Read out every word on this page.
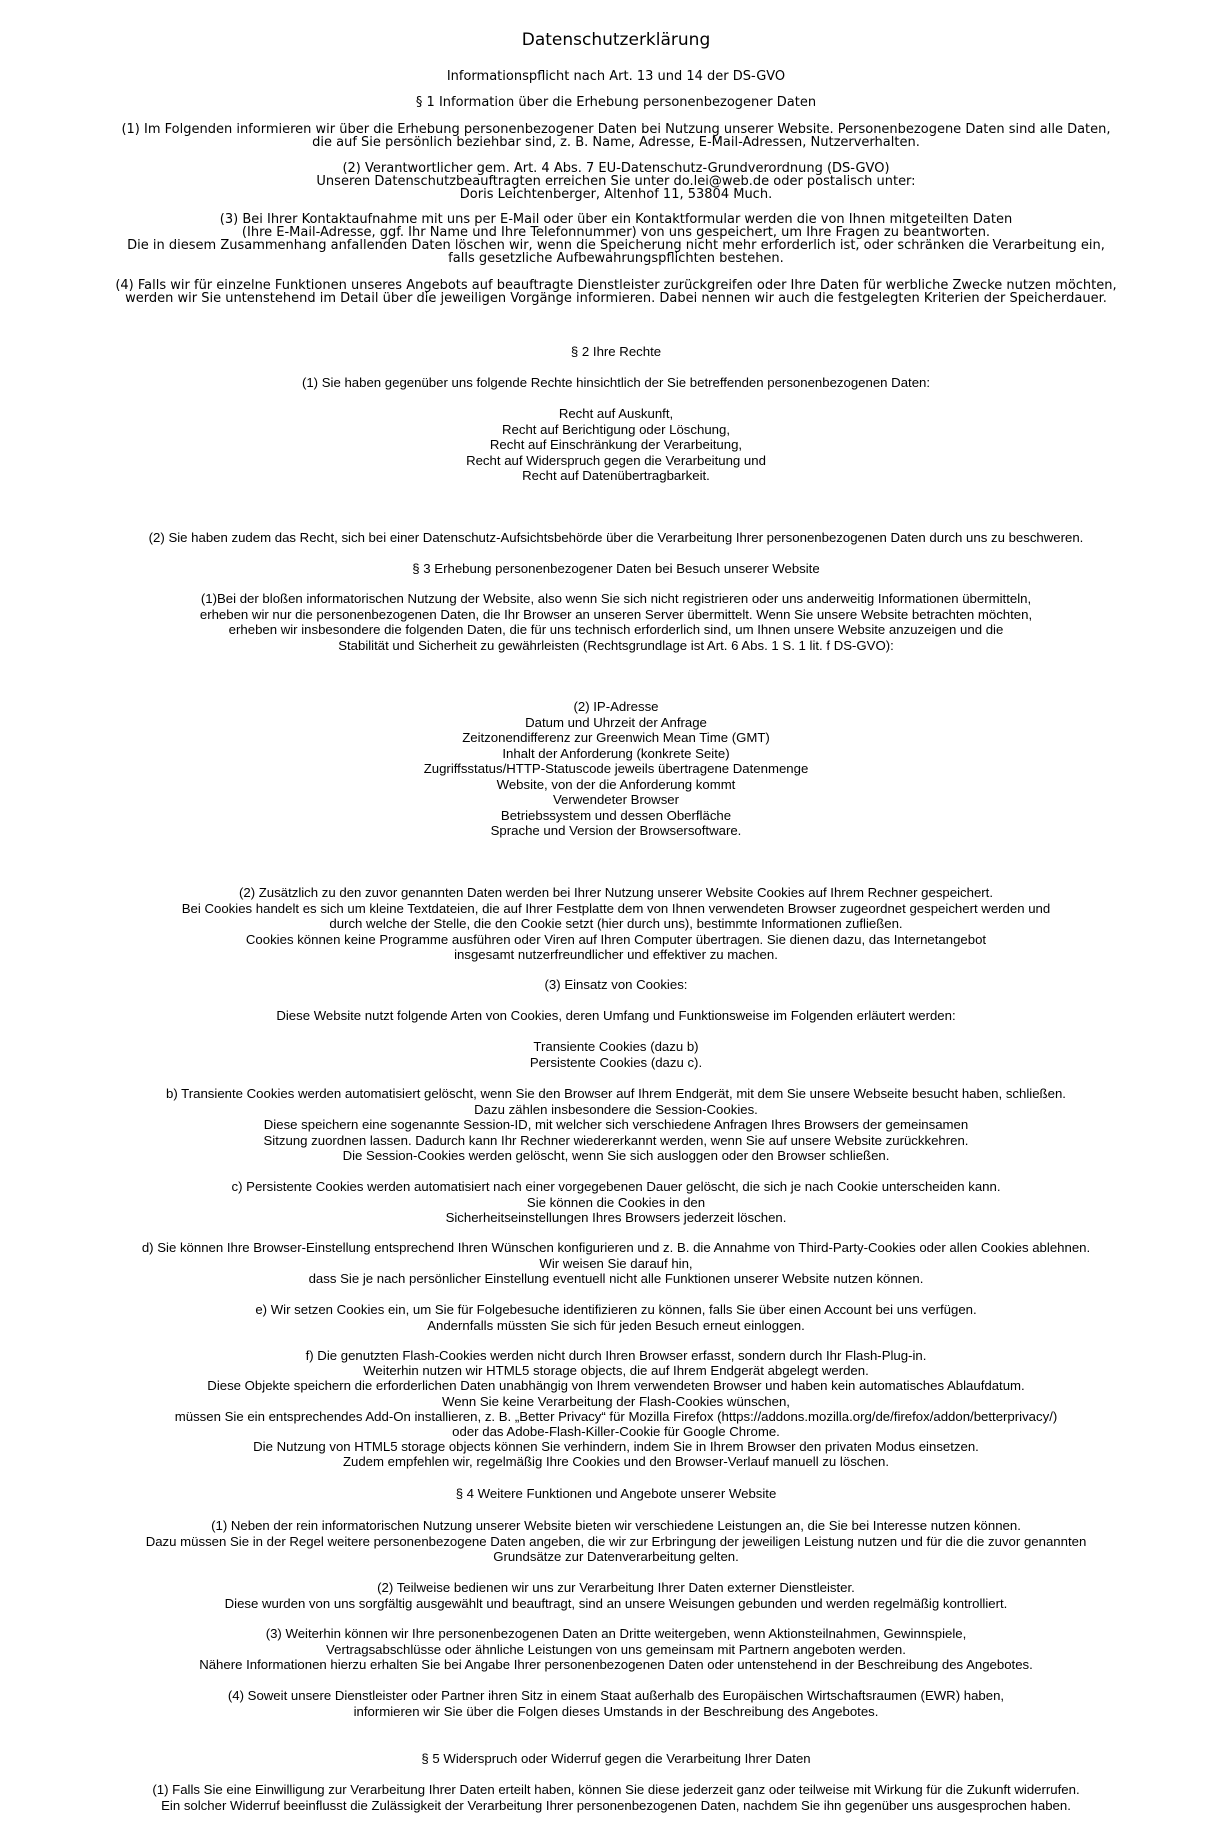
Datenschutzerklärung
Informationspflicht nach Art. 13 und 14 der DS-GVO
§ 1 Information über die Erhebung personenbezogener Daten
(1) Im Folgenden informieren wir über die Erhebung personenbezogener Daten bei Nutzung unserer Website. Personenbezogene Daten sind alle Daten,
die auf Sie persönlich beziehbar sind, z. B. Name, Adresse, E-Mail-Adressen, Nutzerverhalten.
(2) Verantwortlicher gem. Art. 4 Abs. 7 EU-Datenschutz-Grundverordnung (DS-GVO)
Unseren Datenschutzbeauftragten erreichen Sie unter do.lei@web.de oder postalisch unter:
Doris Leichtenberger, Altenhof 11, 53804 Much.
(3) Bei Ihrer Kontaktaufnahme mit uns per E-Mail oder über ein Kontaktformular werden die von Ihnen mitgeteilten Daten
(Ihre E-Mail-Adresse, ggf. Ihr Name und Ihre Telefonnummer) von uns gespeichert, um Ihre Fragen zu beantworten.
Die in diesem Zusammenhang anfallenden Daten löschen wir, wenn die Speicherung nicht mehr erforderlich ist, oder schränken die Verarbeitung ein,
falls gesetzliche Aufbewahrungspflichten bestehen.
(4) Falls wir für einzelne Funktionen unseres Angebots auf beauftragte Dienstleister zurückgreifen oder Ihre Daten für werbliche Zwecke nutzen möchten,
werden wir Sie untenstehend im Detail über die jeweiligen Vorgänge informieren. Dabei nennen wir auch die festgelegten Kriterien der Speicherdauer.
§ 2 Ihre Rechte
(1) Sie haben gegenüber uns folgende Rechte hinsichtlich der Sie betreffenden personenbezogenen Daten:
Recht auf Auskunft,
Recht auf Berichtigung oder Löschung,
Recht auf Einschränkung der Verarbeitung,
Recht auf Widerspruch gegen die Verarbeitung und
Recht auf Datenübertragbarkeit.
(2) Sie haben zudem das Recht, sich bei einer Datenschutz-Aufsichtsbehörde über die Verarbeitung Ihrer personenbezogenen Daten durch uns zu beschweren.
§ 3 Erhebung personenbezogener Daten bei Besuch unserer Website
(1)Bei der bloßen informatorischen Nutzung der Website, also wenn Sie sich nicht registrieren oder uns anderweitig Informationen übermitteln,
erheben wir nur die personenbezogenen Daten, die Ihr Browser an unseren Server übermittelt. Wenn Sie unsere Website betrachten möchten,
erheben wir insbesondere die folgenden Daten, die für uns technisch erforderlich sind, um Ihnen unsere Website anzuzeigen und die
Stabilität und Sicherheit zu gewährleisten (Rechtsgrundlage ist Art. 6 Abs. 1 S. 1 lit. f DS-GVO):
(2) IP-Adresse
Datum und Uhrzeit der Anfrage
Zeitzonendifferenz zur Greenwich Mean Time (GMT)
Inhalt der Anforderung (konkrete Seite)
Zugriffsstatus/HTTP-Statuscode jeweils übertragene Datenmenge
Website, von der die Anforderung kommt
Verwendeter Browser
Betriebssystem und dessen Oberfläche
Sprache und Version der Browsersoftware.
(2) Zusätzlich zu den zuvor genannten Daten werden bei Ihrer Nutzung unserer Website Cookies auf Ihrem Rechner gespeichert.
Bei Cookies handelt es sich um kleine Textdateien, die auf Ihrer Festplatte dem von Ihnen verwendeten Browser zugeordnet gespeichert werden und
durch welche der Stelle, die den Cookie setzt (hier durch uns), bestimmte Informationen zufließen.
Cookies können keine Programme ausführen oder Viren auf Ihren Computer übertragen. Sie dienen dazu, das Internetangebot
insgesamt nutzerfreundlicher und effektiver zu machen.
(3) Einsatz von Cookies:
Diese Website nutzt folgende Arten von Cookies, deren Umfang und Funktionsweise im Folgenden erläutert werden:
Transiente Cookies (dazu b)
Persistente Cookies (dazu c).
b) Transiente Cookies werden automatisiert gelöscht, wenn Sie den Browser auf Ihrem Endgerät, mit dem Sie unsere Webseite besucht haben, schließen.
Dazu zählen insbesondere die Session-Cookies.
Diese speichern eine sogenannte Session-ID, mit welcher sich verschiedene Anfragen Ihres Browsers der gemeinsamen
Sitzung zuordnen lassen. Dadurch kann Ihr Rechner wiedererkannt werden, wenn Sie auf unsere Website zurückkehren.
Die Session-Cookies werden gelöscht, wenn Sie sich ausloggen oder den Browser schließen.
c) Persistente Cookies werden automatisiert nach einer vorgegebenen Dauer gelöscht, die sich je nach Cookie unterscheiden kann.
Sie können die Cookies in den
Sicherheitseinstellungen Ihres Browsers jederzeit löschen.
d) Sie können Ihre Browser-Einstellung entsprechend Ihren Wünschen konfigurieren und z. B. die Annahme von Third-Party-Cookies oder allen Cookies ablehnen.
Wir weisen Sie darauf hin,
dass Sie je nach persönlicher Einstellung eventuell nicht alle Funktionen unserer Website nutzen können.
e) Wir setzen Cookies ein, um Sie für Folgebesuche identifizieren zu können, falls Sie über einen Account bei uns verfügen.
Andernfalls müssten Sie sich für jeden Besuch erneut einloggen.
f) Die genutzten Flash-Cookies werden nicht durch Ihren Browser erfasst, sondern durch Ihr Flash-Plug-in.
Weiterhin nutzen wir HTML5 storage objects, die auf Ihrem Endgerät abgelegt werden.
Diese Objekte speichern die erforderlichen Daten unabhängig von Ihrem verwendeten Browser und haben kein automatisches Ablaufdatum.
Wenn Sie keine Verarbeitung der Flash-Cookies wünschen,
müssen Sie ein entsprechendes Add-On installieren, z. B. „Better Privacy“ für Mozilla Firefox (https://addons.mozilla.org/de/firefox/addon/betterprivacy/)
oder das Adobe-Flash-Killer-Cookie für Google Chrome.
Die Nutzung von HTML5 storage objects können Sie verhindern, indem Sie in Ihrem Browser den privaten Modus einsetzen.
Zudem empfehlen wir, regelmäßig Ihre Cookies und den Browser-Verlauf manuell zu löschen.
§ 4 Weitere Funktionen und Angebote unserer Website
(1) Neben der rein informatorischen Nutzung unserer Website bieten wir verschiedene Leistungen an, die Sie bei Interesse nutzen können.
Dazu müssen Sie in der Regel weitere personenbezogene Daten angeben, die wir zur Erbringung der jeweiligen Leistung nutzen und für die die zuvor genannten
Grundsätze zur Datenverarbeitung gelten.
(2) Teilweise bedienen wir uns zur Verarbeitung Ihrer Daten externer Dienstleister.
Diese wurden von uns sorgfältig ausgewählt und beauftragt, sind an unsere Weisungen gebunden und werden regelmäßig kontrolliert.
(3) Weiterhin können wir Ihre personenbezogenen Daten an Dritte weitergeben, wenn Aktionsteilnahmen, Gewinnspiele,
Vertragsabschlüsse oder ähnliche Leistungen von uns gemeinsam mit Partnern angeboten werden.
Nähere Informationen hierzu erhalten Sie bei Angabe Ihrer personenbezogenen Daten oder untenstehend in der Beschreibung des Angebotes.
(4) Soweit unsere Dienstleister oder Partner ihren Sitz in einem Staat außerhalb des Europäischen Wirtschaftsraumen (EWR) haben,
informieren wir Sie über die Folgen dieses Umstands in der Beschreibung des Angebotes.
§ 5 Widerspruch oder Widerruf gegen die Verarbeitung Ihrer Daten
(1) Falls Sie eine Einwilligung zur Verarbeitung Ihrer Daten erteilt haben, können Sie diese jederzeit ganz oder teilweise mit Wirkung für die Zukunft widerrufen.
Ein solcher Widerruf beeinflusst die Zulässigkeit der Verarbeitung Ihrer personenbezogenen Daten, nachdem Sie ihn gegenüber uns ausgesprochen haben.
